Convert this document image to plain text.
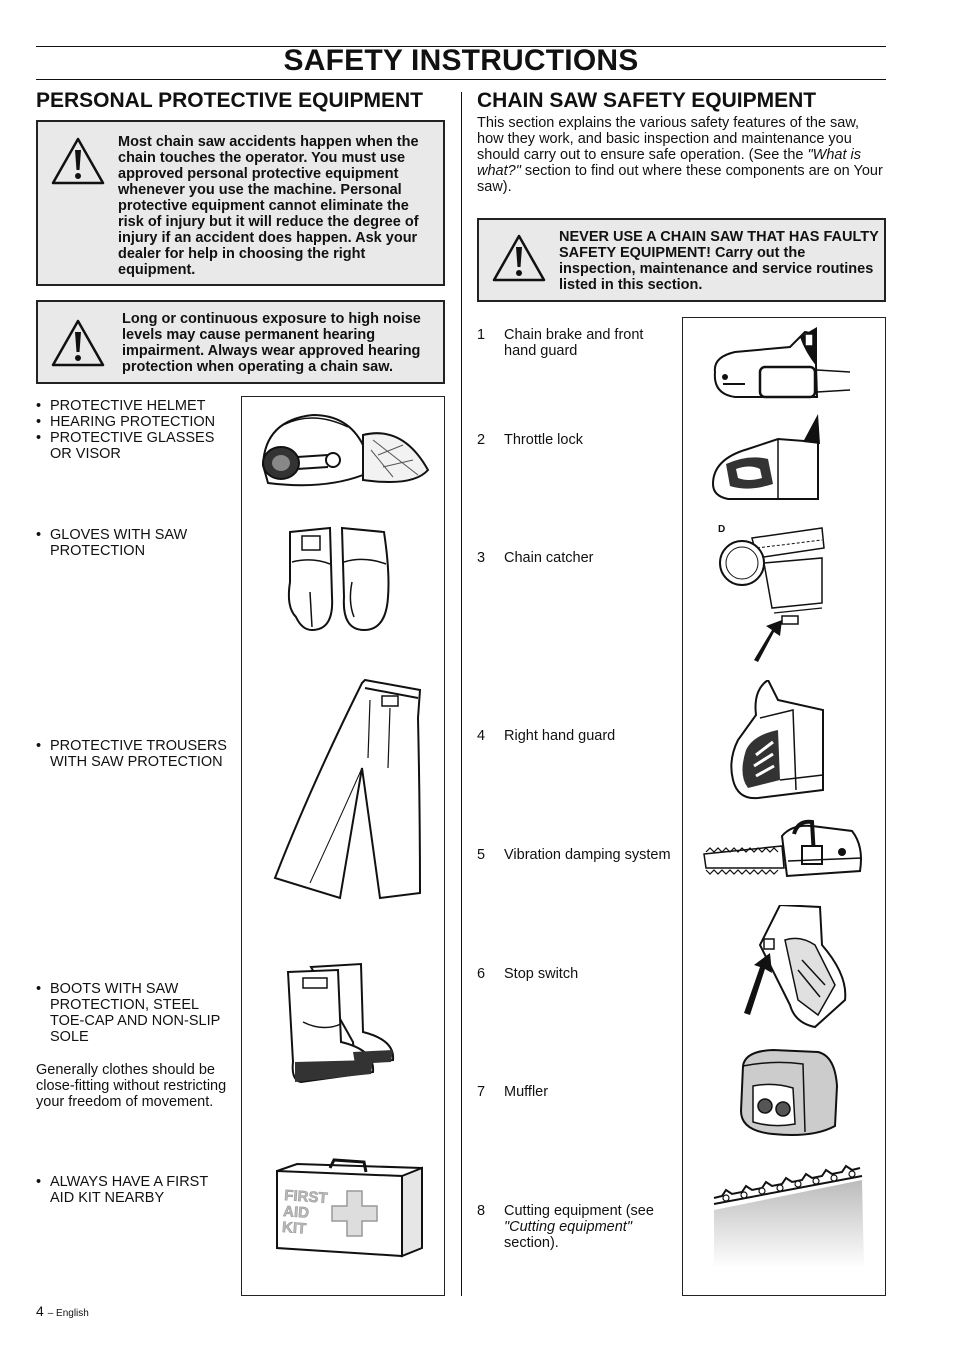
SAFETY INSTRUCTIONS
PERSONAL PROTECTIVE EQUIPMENT
Most chain saw accidents happen when the chain touches the operator. You must use approved personal protective equipment whenever you use the machine. Personal protective equipment cannot eliminate the risk of injury but it will reduce the degree of injury if an accident does happen. Ask your dealer for help in choosing the right equipment.
Long or continuous exposure to high noise levels may cause permanent hearing impairment. Always wear approved hearing protection when operating a chain saw.
• PROTECTIVE HELMET
• HEARING PROTECTION
• PROTECTIVE GLASSES OR VISOR
• GLOVES WITH SAW PROTECTION
• PROTECTIVE TROUSERS WITH SAW PROTECTION
• BOOTS WITH SAW PROTECTION, STEEL TOE-CAP AND NON-SLIP SOLE
Generally clothes should be close-fitting without restricting your freedom of movement.
• ALWAYS HAVE A FIRST AID KIT NEARBY	FIRSTAIDKIT
CHAIN SAW SAFETY EQUIPMENT
This section explains the various safety features of the saw, how they work, and basic inspection and maintenance you should carry out to ensure safe operation. (See the "What is what?" section to find out where these components are on Your saw).
NEVER USE A CHAIN SAW THAT HAS FAULTY SAFETY EQUIPMENT! Carry out the inspection, maintenance and service routines listed in this section.
1 Chain brake and front hand guard
2 Throttle lock
3 Chain catcher
4 Right hand guard
5 Vibration damping system
6 Stop switch
7 Muffler
8 Cutting equipment (see "Cutting equipment" section).
D
4 – English
